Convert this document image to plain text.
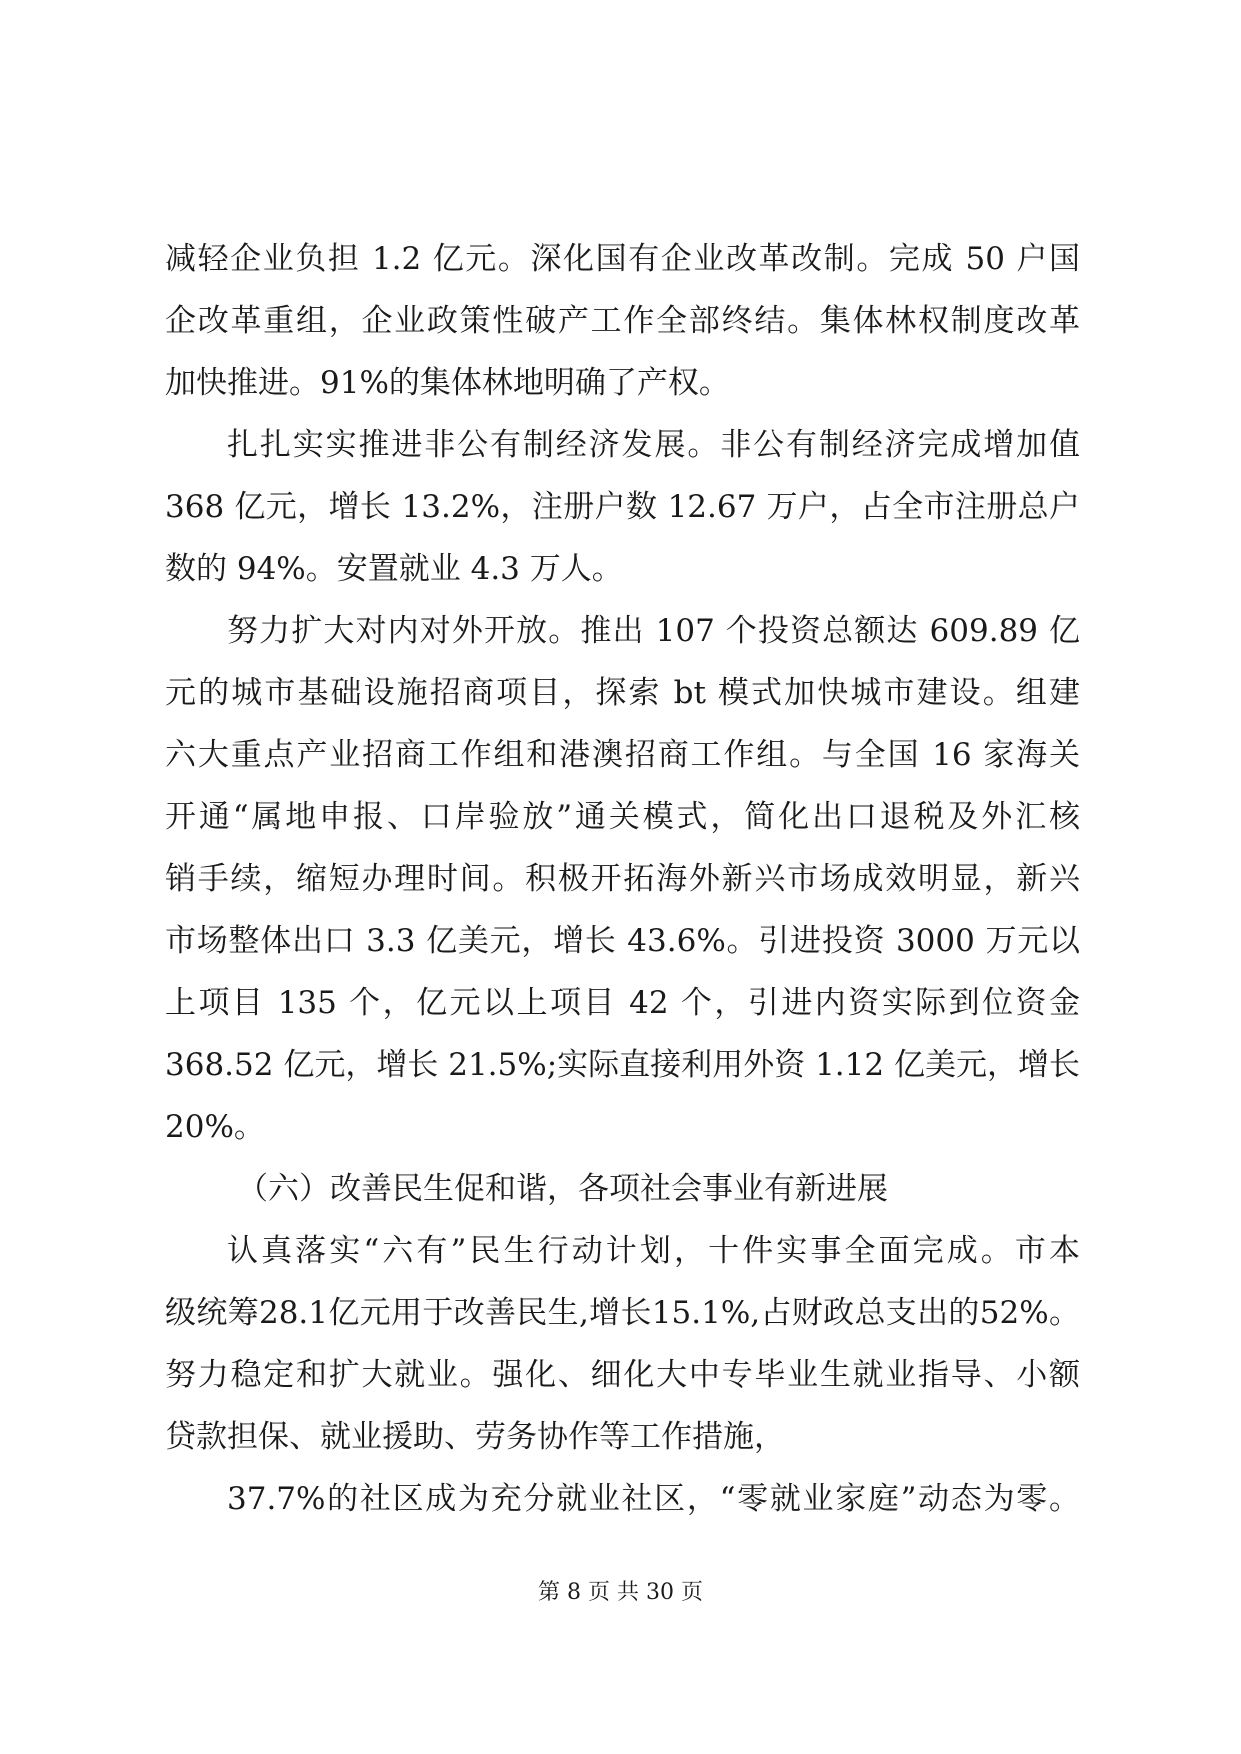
减轻企业负担 1.2 亿元。深化国有企业改革改制。完成 50 户国
企改革重组，企业政策性破产工作全部终结。集体林权制度改革
加快推进。91%的集体林地明确了产权。
扎扎实实推进非公有制经济发展。非公有制经济完成增加值
368 亿元，增长 13.2%，注册户数 12.67 万户，占全市注册总户
数的 94%。安置就业 4.3 万人。
努力扩大对内对外开放。推出 107 个投资总额达 609.89 亿
元的城市基础设施招商项目，探索 bt 模式加快城市建设。组建
六大重点产业招商工作组和港澳招商工作组。与全国 16 家海关
开通“属地申报、口岸验放”通关模式，简化出口退税及外汇核
销手续，缩短办理时间。积极开拓海外新兴市场成效明显，新兴
市场整体出口 3.3 亿美元，增长 43.6%。引进投资 3000 万元以
上项目 135 个，亿元以上项目 42 个，引进内资实际到位资金
368.52 亿元，增长 21.5%;实际直接利用外资 1.12 亿美元，增长
20%。
（六）改善民生促和谐，各项社会事业有新进展
认真落实“六有”民生行动计划，十件实事全面完成。市本
级统筹28.1亿元用于改善民生,增长15.1%,占财政总支出的52%。
努力稳定和扩大就业。强化、细化大中专毕业生就业指导、小额
贷款担保、就业援助、劳务协作等工作措施，
37.7%的社区成为充分就业社区，“零就业家庭”动态为零。
第 8 页 共 30 页
